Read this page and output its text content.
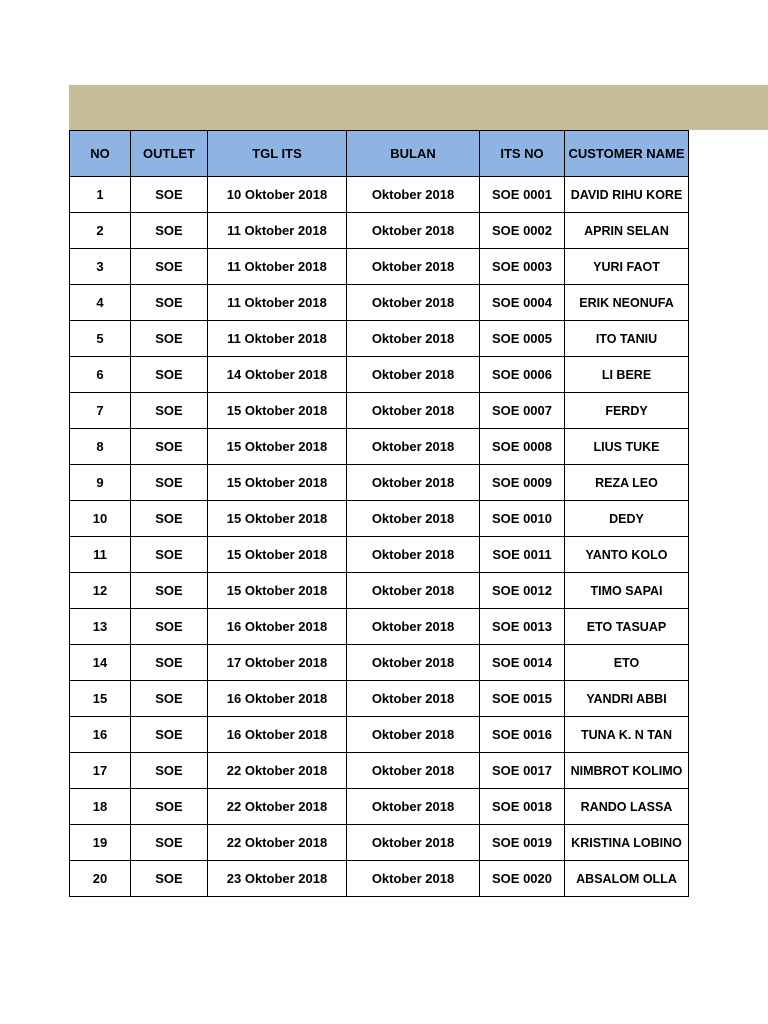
NO	OUTLET	TGL ITS	BULAN	ITS NO	CUSTOMER NAME
1	SOE	10 Oktober 2018	Oktober 2018	SOE 0001	DAVID RIHU KORE
2	SOE	11 Oktober 2018	Oktober 2018	SOE 0002	APRIN SELAN
3	SOE	11 Oktober 2018	Oktober 2018	SOE 0003	YURI FAOT
4	SOE	11 Oktober 2018	Oktober 2018	SOE 0004	ERIK NEONUFA
5	SOE	11 Oktober 2018	Oktober 2018	SOE 0005	ITO TANIU
6	SOE	14 Oktober 2018	Oktober 2018	SOE 0006	LI BERE
7	SOE	15 Oktober 2018	Oktober 2018	SOE 0007	FERDY
8	SOE	15 Oktober 2018	Oktober 2018	SOE 0008	LIUS TUKE
9	SOE	15 Oktober 2018	Oktober 2018	SOE 0009	REZA LEO
10	SOE	15 Oktober 2018	Oktober 2018	SOE 0010	DEDY
11	SOE	15 Oktober 2018	Oktober 2018	SOE 0011	YANTO KOLO
12	SOE	15 Oktober 2018	Oktober 2018	SOE 0012	TIMO SAPAI
13	SOE	16 Oktober 2018	Oktober 2018	SOE 0013	ETO TASUAP
14	SOE	17 Oktober 2018	Oktober 2018	SOE 0014	ETO
15	SOE	16 Oktober 2018	Oktober 2018	SOE 0015	YANDRI ABBI
16	SOE	16 Oktober 2018	Oktober 2018	SOE 0016	TUNA K. N TAN
17	SOE	22 Oktober 2018	Oktober 2018	SOE 0017	NIMBROT KOLIMO
18	SOE	22 Oktober 2018	Oktober 2018	SOE 0018	RANDO LASSA
19	SOE	22 Oktober 2018	Oktober 2018	SOE 0019	KRISTINA LOBINO
20	SOE	23 Oktober 2018	Oktober 2018	SOE 0020	ABSALOM OLLA
